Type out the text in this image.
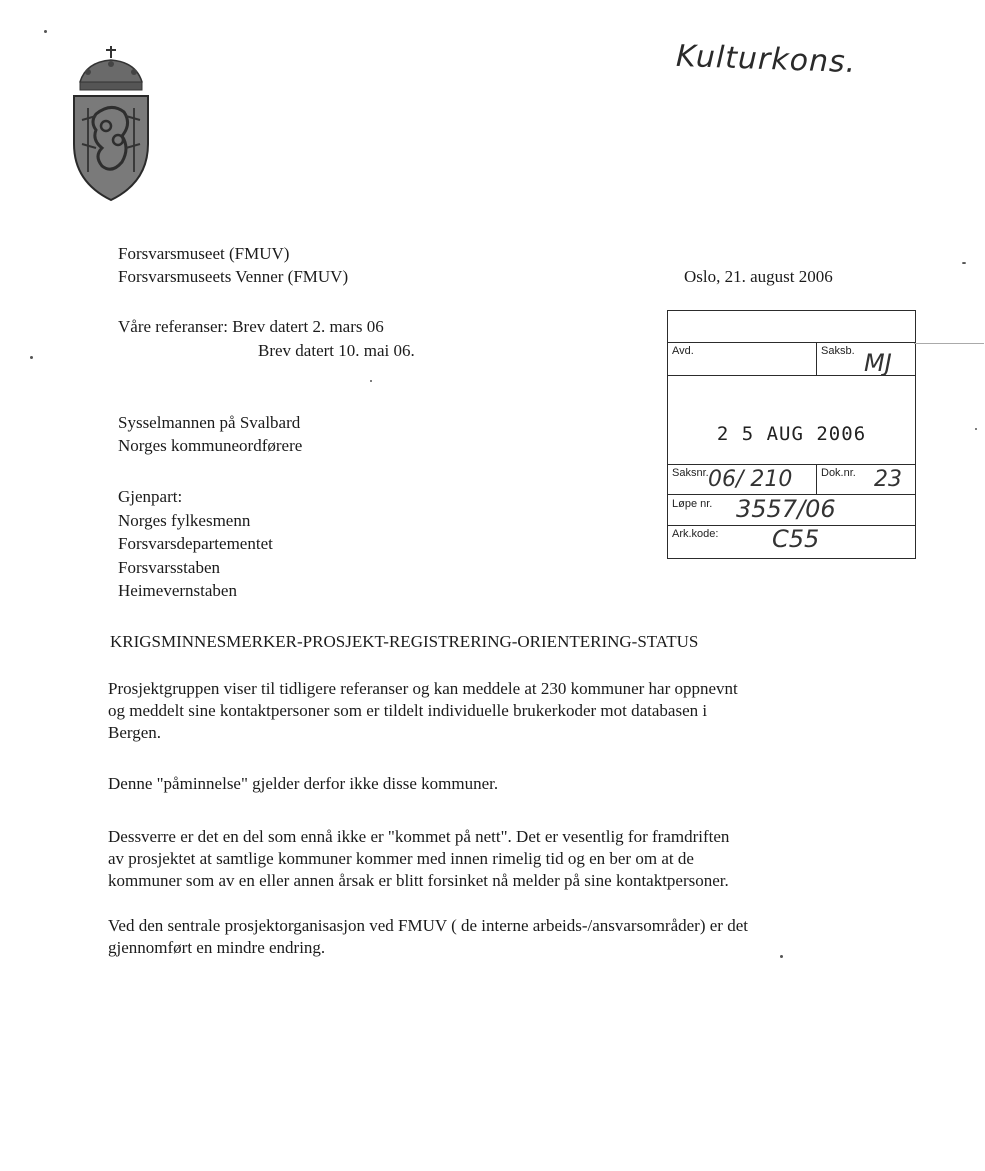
Kulturkons.
Forsvarsmuseet (FMUV)
Forsvarsmuseets Venner (FMUV)	Oslo, 21. august 2006
Våre referanser: Brev datert 2. mars 06
Brev datert 10. mai 06.
Sysselmannen på Svalbard
Norges kommuneordførere
Gjenpart:
Norges fylkesmenn
Forsvarsdepartementet
Forsvarsstaben
Heimevernstaben
Avd.	Saksb. MJ
2 5 AUG 2006
Saksnr. 06/ 210	Dok.nr. 23
Løpe nr. 3557/06
Ark.kode: C55
KRIGSMINNESMERKER-PROSJEKT-REGISTRERING-ORIENTERING-STATUS

Prosjektgruppen viser til tidligere referanser og kan meddele at 230 kommuner har oppnevnt

og meddelt sine kontaktpersoner som er tildelt individuelle brukerkoder mot databasen i

Bergen.

Denne "påminnelse" gjelder derfor ikke disse kommuner.

Dessverre er det en del som ennå ikke er "kommet på nett". Det er vesentlig for framdriften

av prosjektet at samtlige kommuner kommer med innen rimelig tid og en ber om at de

kommuner som av en eller annen årsak er blitt forsinket nå melder på sine kontaktpersoner.

Ved den sentrale prosjektorganisasjon ved FMUV ( de interne arbeids-/ansvarsområder) er det

gjennomført en mindre endring.
